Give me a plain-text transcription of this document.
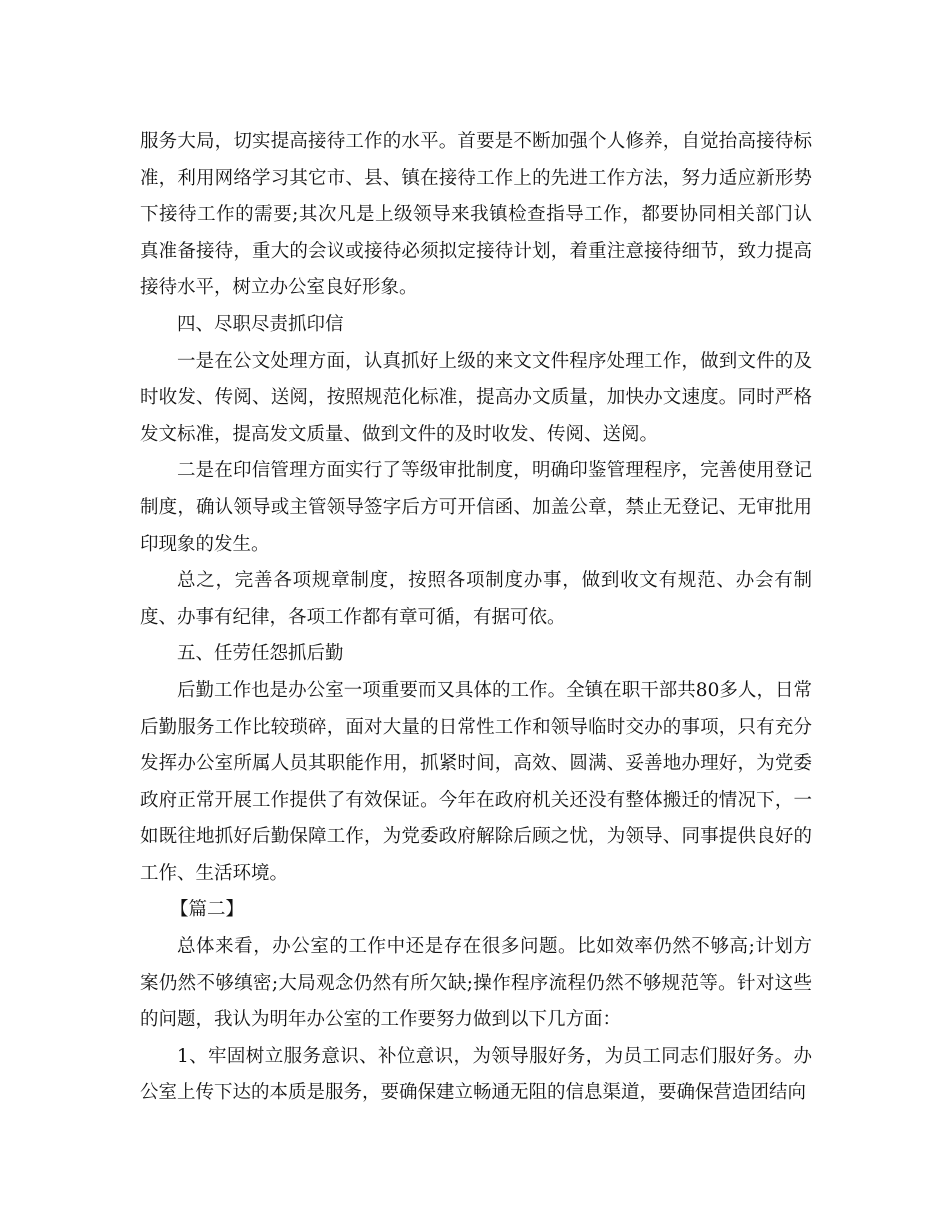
服务大局，切实提高接待工作的水平。首要是不断加强个人修养，自觉抬高接待标准，利用网络学习其它市、县、镇在接待工作上的先进工作方法，努力适应新形势下接待工作的需要;其次凡是上级领导来我镇检查指导工作，都要协同相关部门认真准备接待，重大的会议或接待必须拟定接待计划，着重注意接待细节，致力提高接待水平，树立办公室良好形象。

四、尽职尽责抓印信

一是在公文处理方面，认真抓好上级的来文文件程序处理工作，做到文件的及时收发、传阅、送阅，按照规范化标准，提高办文质量，加快办文速度。同时严格发文标准，提高发文质量、做到文件的及时收发、传阅、送阅。

二是在印信管理方面实行了等级审批制度，明确印鉴管理程序，完善使用登记制度，确认领导或主管领导签字后方可开信函、加盖公章，禁止无登记、无审批用印现象的发生。

总之，完善各项规章制度，按照各项制度办事，做到收文有规范、办会有制度、办事有纪律，各项工作都有章可循，有据可依。

五、任劳任怨抓后勤

后勤工作也是办公室一项重要而又具体的工作。全镇在职干部共80多人，日常后勤服务工作比较琐碎，面对大量的日常性工作和领导临时交办的事项，只有充分发挥办公室所属人员其职能作用，抓紧时间，高效、圆满、妥善地办理好，为党委政府正常开展工作提供了有效保证。今年在政府机关还没有整体搬迁的情况下，一如既往地抓好后勤保障工作，为党委政府解除后顾之忧，为领导、同事提供良好的工作、生活环境。

【篇二】

总体来看，办公室的工作中还是存在很多问题。比如效率仍然不够高;计划方案仍然不够缜密;大局观念仍然有所欠缺;操作程序流程仍然不够规范等。针对这些的问题，我认为明年办公室的工作要努力做到以下几方面：

1、牢固树立服务意识、补位意识，为领导服好务，为员工同志们服好务。办公室上传下达的本质是服务，要确保建立畅通无阻的信息渠道，要确保营造团结向
